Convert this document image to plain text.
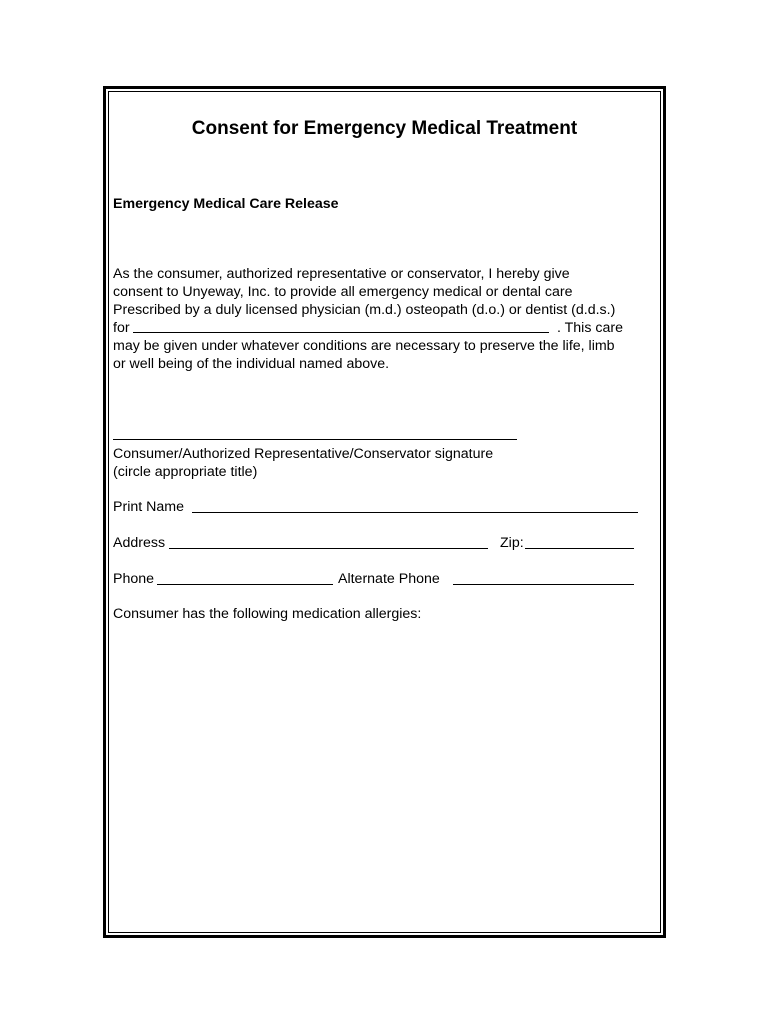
Consent for Emergency Medical Treatment
Emergency Medical Care Release
As the consumer, authorized representative or conservator, I hereby give
consent to Unyeway, Inc. to provide all emergency medical or dental care
Prescribed by a duly licensed physician (m.d.) osteopath (d.o.) or dentist (d.d.s.)
for	. This care
may be given under whatever conditions are necessary to preserve the life, limb
or well being of the individual named above.
Consumer/Authorized Representative/Conservator signature
(circle appropriate title)
Print Name
Address	Zip:
Phone	Alternate Phone
Consumer has the following medication allergies:
